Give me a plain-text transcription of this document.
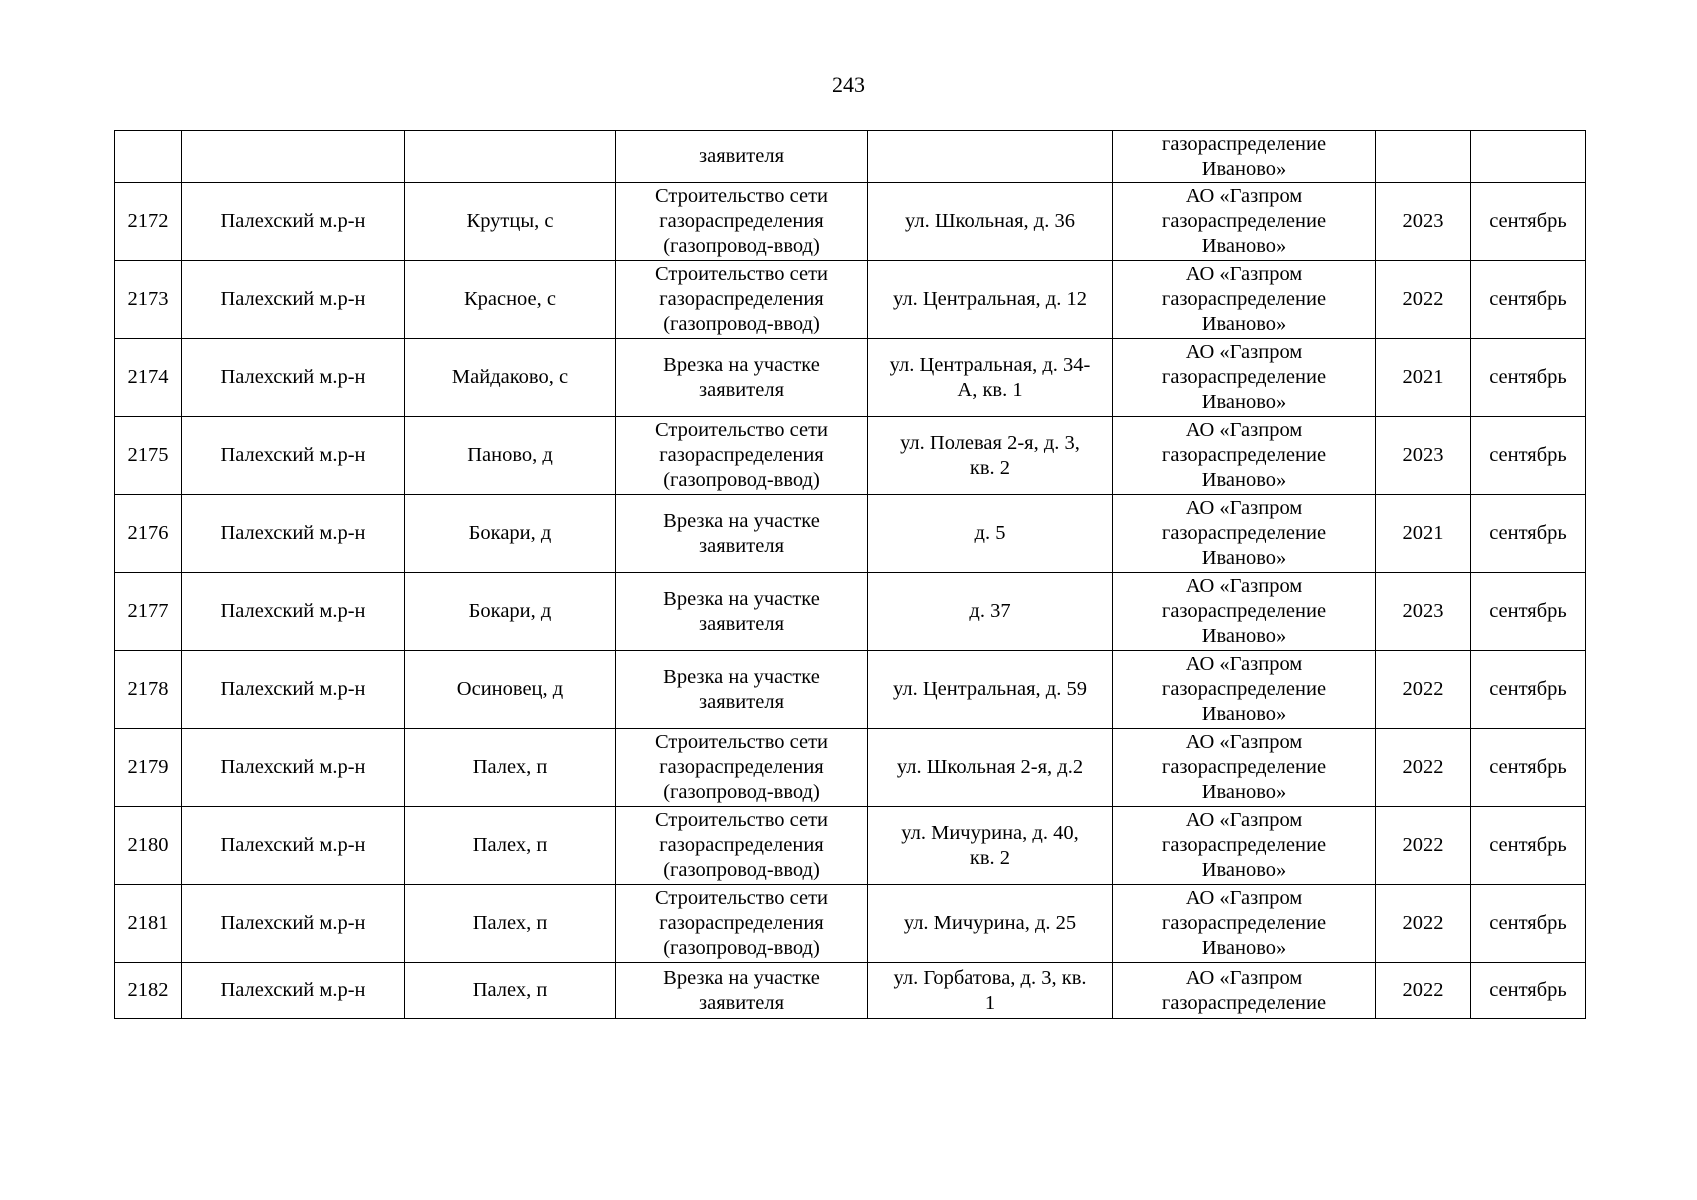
243

			заявителя		газораспределение
Иваново»		

2172	Палехский м.р-н	Крутцы, с	Строительство сети
газораспределения
(газопровод-ввод)	ул. Школьная, д. 36	АО «Газпром
газораспределение
Иваново»	2023	сентябрь
2173	Палехский м.р-н	Красное, с	Строительство сети
газораспределения
(газопровод-ввод)	ул. Центральная, д. 12	АО «Газпром
газораспределение
Иваново»	2022	сентябрь
2174	Палехский м.р-н	Майдаково, с	Врезка на участке
заявителя	ул. Центральная, д. 34-
А, кв. 1	АО «Газпром
газораспределение
Иваново»	2021	сентябрь
2175	Палехский м.р-н	Паново, д	Строительство сети
газораспределения
(газопровод-ввод)	ул. Полевая 2-я, д. 3,
кв. 2	АО «Газпром
газораспределение
Иваново»	2023	сентябрь
2176	Палехский м.р-н	Бокари, д	Врезка на участке
заявителя	д. 5	АО «Газпром
газораспределение
Иваново»	2021	сентябрь
2177	Палехский м.р-н	Бокари, д	Врезка на участке
заявителя	д. 37	АО «Газпром
газораспределение
Иваново»	2023	сентябрь
2178	Палехский м.р-н	Осиновец, д	Врезка на участке
заявителя	ул. Центральная, д. 59	АО «Газпром
газораспределение
Иваново»	2022	сентябрь
2179	Палехский м.р-н	Палех, п	Строительство сети
газораспределения
(газопровод-ввод)	ул. Школьная 2-я, д.2	АО «Газпром
газораспределение
Иваново»	2022	сентябрь
2180	Палехский м.р-н	Палех, п	Строительство сети
газораспределения
(газопровод-ввод)	ул. Мичурина, д. 40,
кв. 2	АО «Газпром
газораспределение
Иваново»	2022	сентябрь
2181	Палехский м.р-н	Палех, п	Строительство сети
газораспределения
(газопровод-ввод)	ул. Мичурина, д. 25	АО «Газпром
газораспределение
Иваново»	2022	сентябрь
2182	Палехский м.р-н	Палех, п	Врезка на участке
заявителя	ул. Горбатова, д. 3, кв.
1	АО «Газпром
газораспределение	2022	сентябрь
